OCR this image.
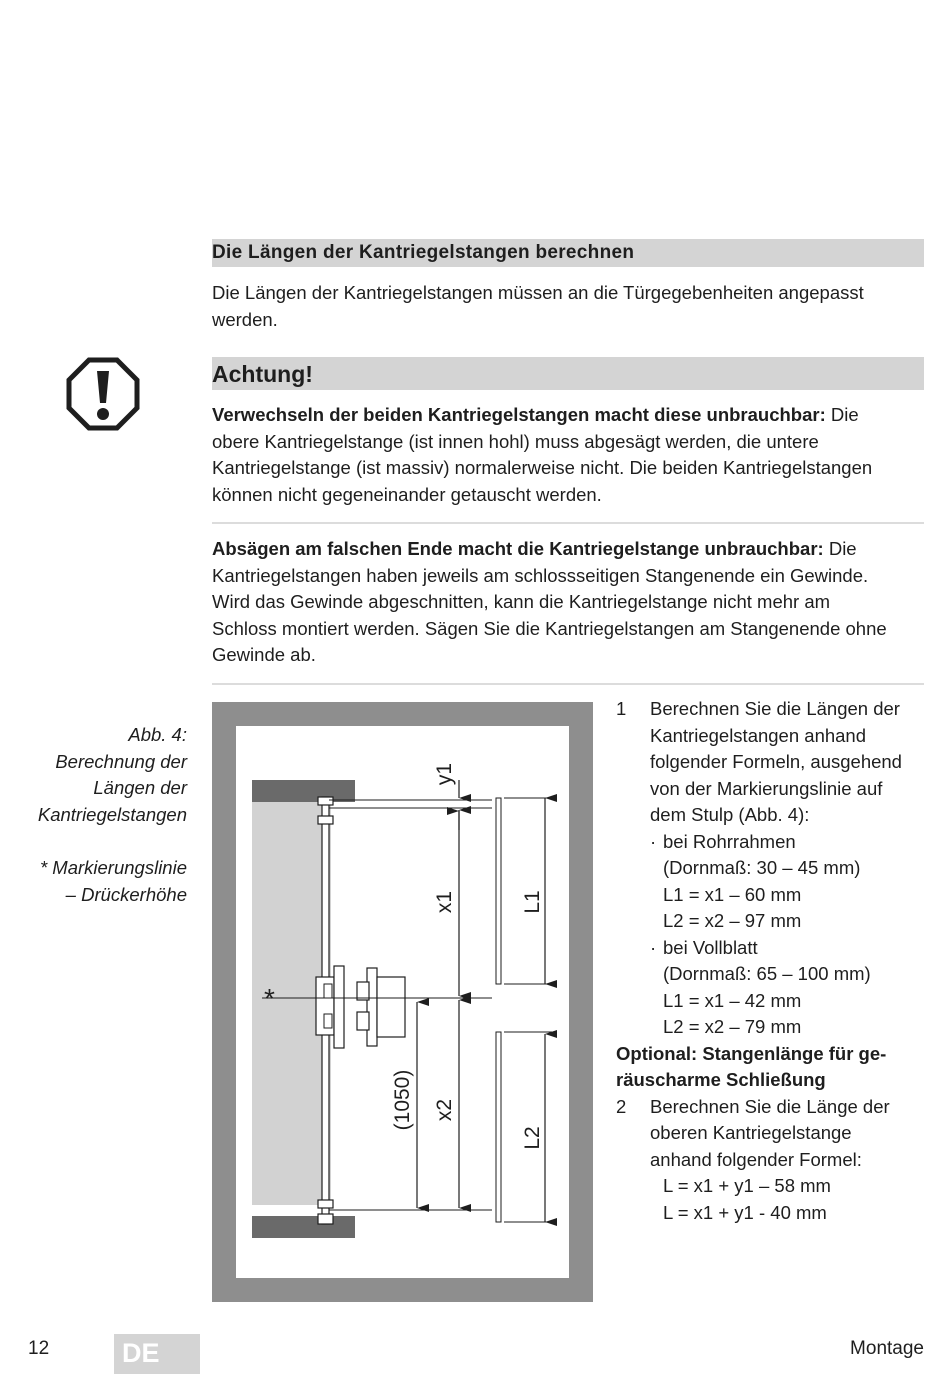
Die Längen der Kantriegelstangen berechnen
Die Längen der Kantriegelstangen müssen an die Türgegebenheiten angepasst
werden.
Achtung!
Verwechseln der beiden Kantriegelstangen macht diese unbrauchbar: Die
obere Kantriegelstange (ist innen hohl) muss abgesägt werden, die untere
Kantriegelstange (ist massiv) normalerweise nicht. Die beiden Kantriegelstangen
können nicht gegeneinander getauscht werden.
Absägen am falschen Ende macht die Kantriegelstange unbrauchbar: Die
Kantriegelstangen haben jeweils am schlossseitigen Stangenende ein Gewinde.
Wird das Gewinde abgeschnitten, kann die Kantriegelstange nicht mehr am
Schloss montiert werden. Sägen Sie die Kantriegelstangen am Stangenende ohne
Gewinde ab.
Abb. 4:
Berechnung der
Längen der
Kantriegelstangen
* Markierungslinie
– Drückerhöhe
*
y1
x1
x2
(1050)
L1
L2
1 Berechnen Sie die Längen der
Kantriegelstangen anhand
folgender Formeln, ausgehend
von der Markierungslinie auf
dem Stulp (Abb. 4):
· bei Rohrrahmen
(Dornmaß: 30 – 45 mm)
L1 = x1 – 60 mm
L2 = x2 – 97 mm
· bei Vollblatt
(Dornmaß: 65 – 100 mm)
L1 = x1 – 42 mm
L2 = x2 – 79 mm
Optional: Stangenlänge für ge-
räuscharme Schließung
2 Berechnen Sie die Länge der
oberen Kantriegelstange
anhand folgender Formel:
L = x1 + y1 – 58 mm
L = x1 + y1 - 40 mm
12	DE	Montage
